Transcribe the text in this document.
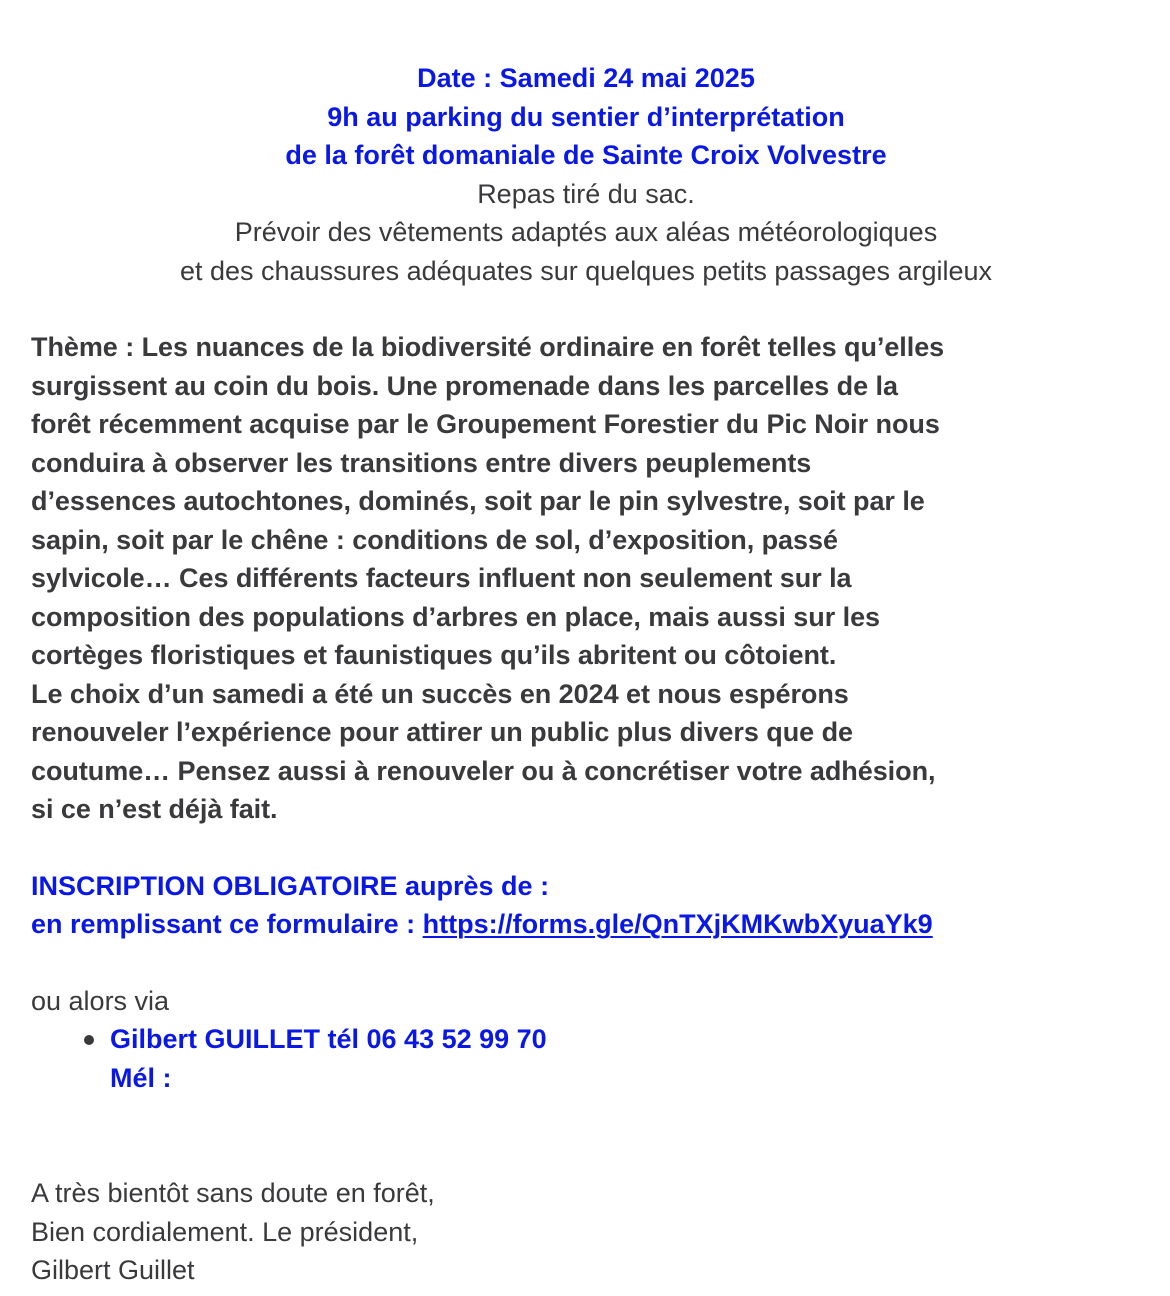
Date : Samedi 24 mai 2025
9h au parking du sentier d’interprétation
de la forêt domaniale de Sainte Croix Volvestre
Repas tiré du sac.
Prévoir des vêtements adaptés aux aléas météorologiques
et des chaussures adéquates sur quelques petits passages argileux
Thème : Les nuances de la biodiversité ordinaire en forêt telles qu’elles
surgissent au coin du bois. Une promenade dans les parcelles de la
forêt récemment acquise par le Groupement Forestier du Pic Noir nous
conduira à observer les transitions entre divers peuplements
d’essences autochtones, dominés, soit par le pin sylvestre, soit par le
sapin, soit par le chêne : conditions de sol, d’exposition, passé
sylvicole… Ces différents facteurs influent non seulement sur la
composition des populations d’arbres en place, mais aussi sur les
cortèges floristiques et faunistiques qu’ils abritent ou côtoient.
Le choix d’un samedi a été un succès en 2024 et nous espérons
renouveler l’expérience pour attirer un public plus divers que de
coutume… Pensez aussi à renouveler ou à concrétiser votre adhésion,
si ce n’est déjà fait.
INSCRIPTION OBLIGATOIRE auprès de :
en remplissant ce formulaire : https://forms.gle/QnTXjKMKwbXyuaYk9
ou alors via
Gilbert GUILLET tél 06 43 52 99 70
Mél :
A très bientôt sans doute en forêt,
Bien cordialement. Le président,
Gilbert Guillet
